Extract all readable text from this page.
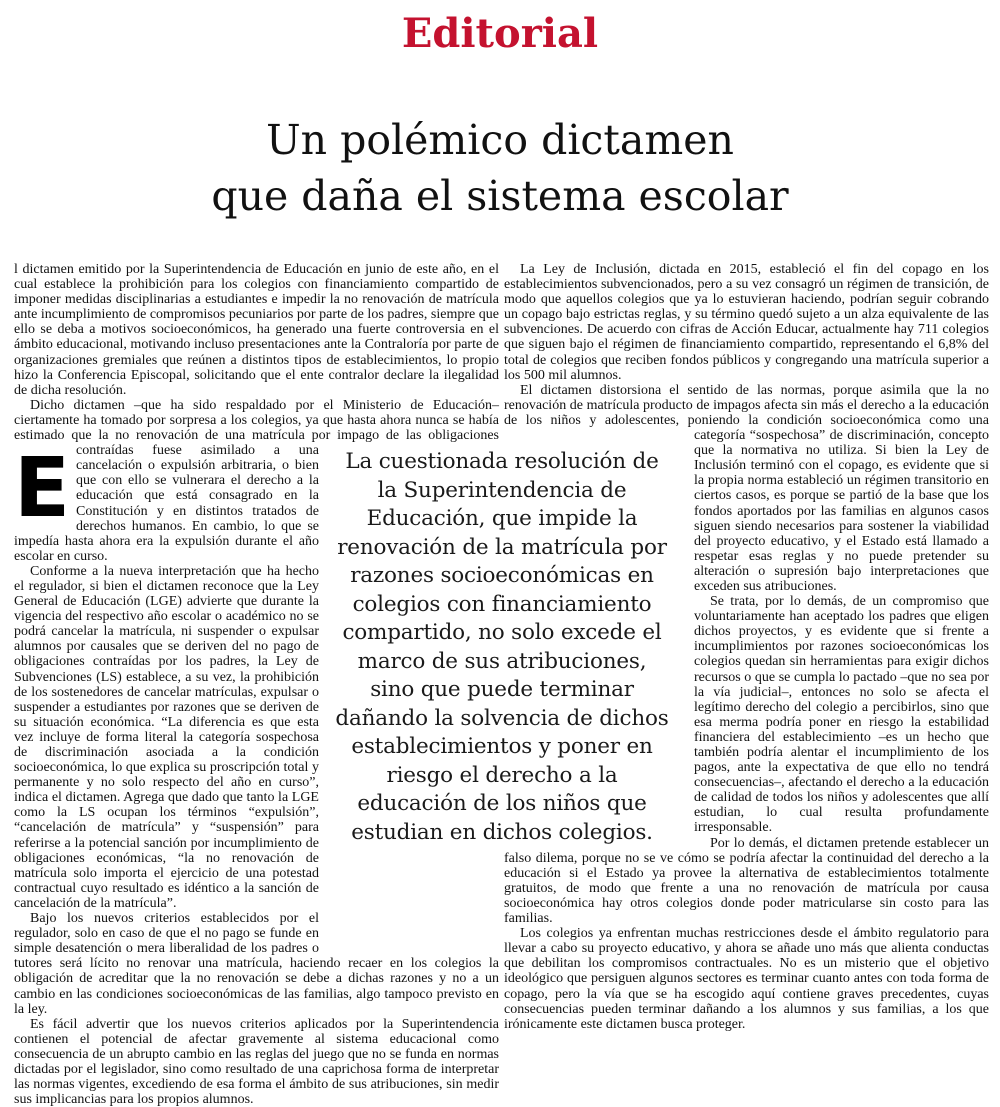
Editorial
Un polémico dictamen
que daña el sistema escolar

E
l dictamen emitido por la Superintendencia de Educación en junio de este año, en el cual establece la prohibición para los colegios con financiamiento compartido de imponer medidas disciplinarias a estudiantes e impedir la no renovación de matrícula ante incumplimiento de compromisos pecuniarios por parte de los padres, siempre que ello se deba a motivos socioeconómicos, ha generado una fuerte controversia en el ámbito educacional, motivando incluso presentaciones ante la Contraloría por parte de organizaciones gremiales que reúnen a distintos tipos de establecimientos, lo propio hizo la Conferencia Episcopal, solicitando que el ente contralor declare la ilegalidad de dicha resolución.

Dicho dictamen –que ha sido respaldado por el Ministerio de Educación– ciertamente ha tomado por sorpresa a los colegios, ya que hasta ahora nunca se había estimado que la no renovación de una matrícula por impago de las obligaciones contraídas fuese asimilado a una cancelación o expulsión arbitraria, o bien que con ello se vulnerara el derecho a la educación que está consagrado en la Constitución y en distintos tratados de derechos humanos. En cambio, lo que se impedía hasta ahora era la expulsión durante el año escolar en curso.

Conforme a la nueva interpretación que ha hecho el regulador, si bien el dictamen reconoce que la Ley General de Educación (LGE) advierte que durante la vigencia del respectivo año escolar o académico no se podrá cancelar la matrícula, ni suspender o expulsar alumnos por causales que se deriven del no pago de obligaciones contraídas por los padres, la Ley de Subvenciones (LS) establece, a su vez, la prohibición de los sostenedores de cancelar matrículas, expulsar o suspender a estudiantes por razones que se deriven de su situación económica. “La diferencia es que esta vez incluye de forma literal la categoría sospechosa de discriminación asociada a la condición socioeconómica, lo que explica su proscripción total y permanente y no solo respecto del año en curso”, indica el dictamen. Agrega que dado que tanto la LGE como la LS ocupan los términos “expulsión”, “cancelación de matrícula” y “suspensión” para referirse a la potencial sanción por incumplimiento de obligaciones económicas, “la no renovación de matrícula solo importa el ejercicio de una potestad contractual cuyo resultado es idéntico a la sanción de cancelación de la matrícula”.

Bajo los nuevos criterios establecidos por el regulador, solo en caso de que el no pago se funde en simple desatención o mera liberalidad de los padres o tutores será lícito no renovar una matrícula, haciendo recaer en los colegios la obligación de acreditar que la no renovación se debe a dichas razones y no a un cambio en las condiciones socioeconómicas de las familias, algo tampoco previsto en la ley.

Es fácil advertir que los nuevos criterios aplicados por la Superintendencia contienen el potencial de afectar gravemente al sistema educacional como consecuencia de un abrupto cambio en las reglas del juego que no se funda en normas dictadas por el legislador, sino como resultado de una caprichosa forma de interpretar las normas vigentes, excediendo de esa forma el ámbito de sus atribuciones, sin medir sus implicancias para los propios alumnos.

La Ley de Inclusión, dictada en 2015, estableció el fin del copago en los establecimientos subvencionados, pero a su vez consagró un régimen de transición, de modo que aquellos colegios que ya lo estuvieran haciendo, podrían seguir cobrando un copago bajo estrictas reglas, y su término quedó sujeto a un alza equivalente de las subvenciones. De acuerdo con cifras de Acción Educar, actualmente hay 711 colegios que siguen bajo el régimen de financiamiento compartido, representando el 6,8% del total de colegios que reciben fondos públicos y congregando una matrícula superior a los 500 mil alumnos.

El dictamen distorsiona el sentido de las normas, porque asimila que la no renovación de matrícula producto de impagos afecta sin más el derecho a la educación de los niños y adolescentes, poniendo la condición socioeconómica como una categoría “sospechosa” de discriminación, concepto que la normativa no utiliza. Si bien la Ley de Inclusión terminó con el copago, es evidente que si la propia norma estableció un régimen transitorio en ciertos casos, es porque se partió de la base que los fondos aportados por las familias en algunos casos siguen siendo necesarios para sostener la viabilidad del proyecto educativo, y el Estado está llamado a respetar esas reglas y no puede pretender su alteración o supresión bajo interpretaciones que exceden sus atribuciones.

Se trata, por lo demás, de un compromiso que voluntariamente han aceptado los padres que eligen dichos proyectos, y es evidente que si frente a incumplimientos por razones socioeconómicas los colegios quedan sin herramientas para exigir dichos recursos o que se cumpla lo pactado –que no sea por la vía judicial–, entonces no solo se afecta el legítimo derecho del colegio a percibirlos, sino que esa merma podría poner en riesgo la estabilidad financiera del establecimiento –es un hecho que también podría alentar el incumplimiento de los pagos, ante la expectativa de que ello no tendrá consecuencias–, afectando el derecho a la educación de calidad de todos los niños y adolescentes que allí estudian, lo cual resulta profundamente irresponsable.

Por lo demás, el dictamen pretende establecer un falso dilema, porque no se ve cómo se podría afectar la continuidad del derecho a la educación si el Estado ya provee la alternativa de establecimientos totalmente gratuitos, de modo que frente a una no renovación de matrícula por causa socioeconómica hay otros colegios donde poder matricularse sin costo para las familias.

Los colegios ya enfrentan muchas restricciones desde el ámbito regulatorio para llevar a cabo su proyecto educativo, y ahora se añade uno más que alienta conductas que debilitan los compromisos contractuales. No es un misterio que el objetivo ideológico que persiguen algunos sectores es terminar cuanto antes con toda forma de copago, pero la vía que se ha escogido aquí contiene graves precedentes, cuyas consecuencias pueden terminar dañando a los alumnos y sus familias, a los que irónicamente este dictamen busca proteger.

La cuestionada resolución de la Superintendencia de Educación, que impide la renovación de la matrícula por razones socioeconómicas en colegios con financiamiento compartido, no solo excede el marco de sus atribuciones, sino que puede terminar dañando la solvencia de dichos establecimientos y poner en riesgo el derecho a la educación de los niños que estudian en dichos colegios.
